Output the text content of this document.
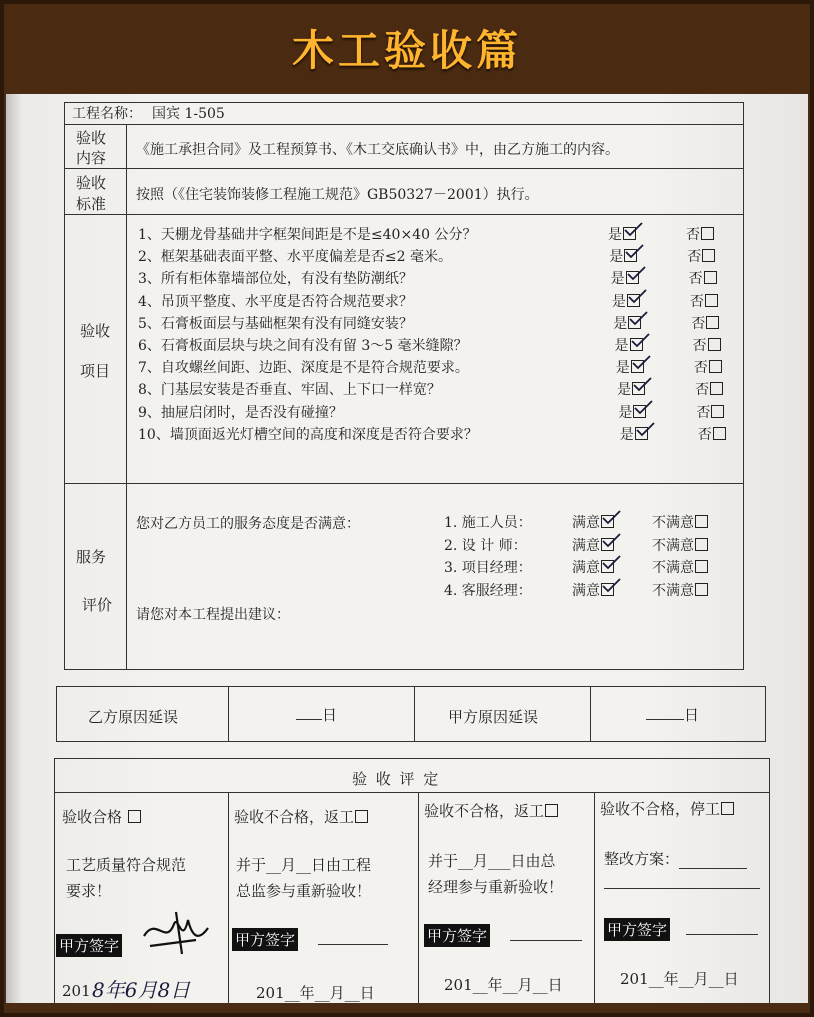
木工验收篇
工程名称： 国宾 1-505
验收
内容 《施工承担合同》及工程预算书、《木工交底确认书》中，由乙方施工的内容。
验收
标准 按照（《住宅装饰装修工程施工规范》GB50327－2001）执行。
验收
项目
1、天棚龙骨基础井字框架间距是不是≤40×40 公分？	是	否
2、框架基础表面平整、水平度偏差是否≤2 毫米。	是	否
3、所有柜体靠墙部位处，有没有垫防潮纸？	是	否
4、吊顶平整度、水平度是否符合规范要求？	是	否
5、石膏板面层与基础框架有没有同缝安装？	是	否
6、石膏板面层块与块之间有没有留 3～5 毫米缝隙？	是	否
7、自攻螺丝间距、边距、深度是不是符合规范要求。	是	否
8、门基层安装是否垂直、牢固、上下口一样宽？	是	否
9、抽屉启闭时，是否没有碰撞？	是	否
10、墙顶面返光灯槽空间的高度和深度是否符合要求？	是	否
服务
评价
您对乙方员工的服务态度是否满意：	1. 施工人员：	满意	不满意
2. 设 计 师：	满意	不满意
3. 项目经理：	满意	不满意
4. 客服经理：	满意	不满意
请您对本工程提出建议：
乙方原因延误	日	甲方原因延误	日
验 收 评 定
验收合格
工艺质量符合规范
要求！
甲方签字
201 8年6月8日
验收不合格，返工
并于__月__日由工程
总监参与重新验收！
甲方签字

201__年__月__日
验收不合格，返工
并于__月___日由总
经理参与重新验收！
甲方签字

201__年__月__日
验收不合格，停工
整改方案：

甲方签字

201__年__月__日
